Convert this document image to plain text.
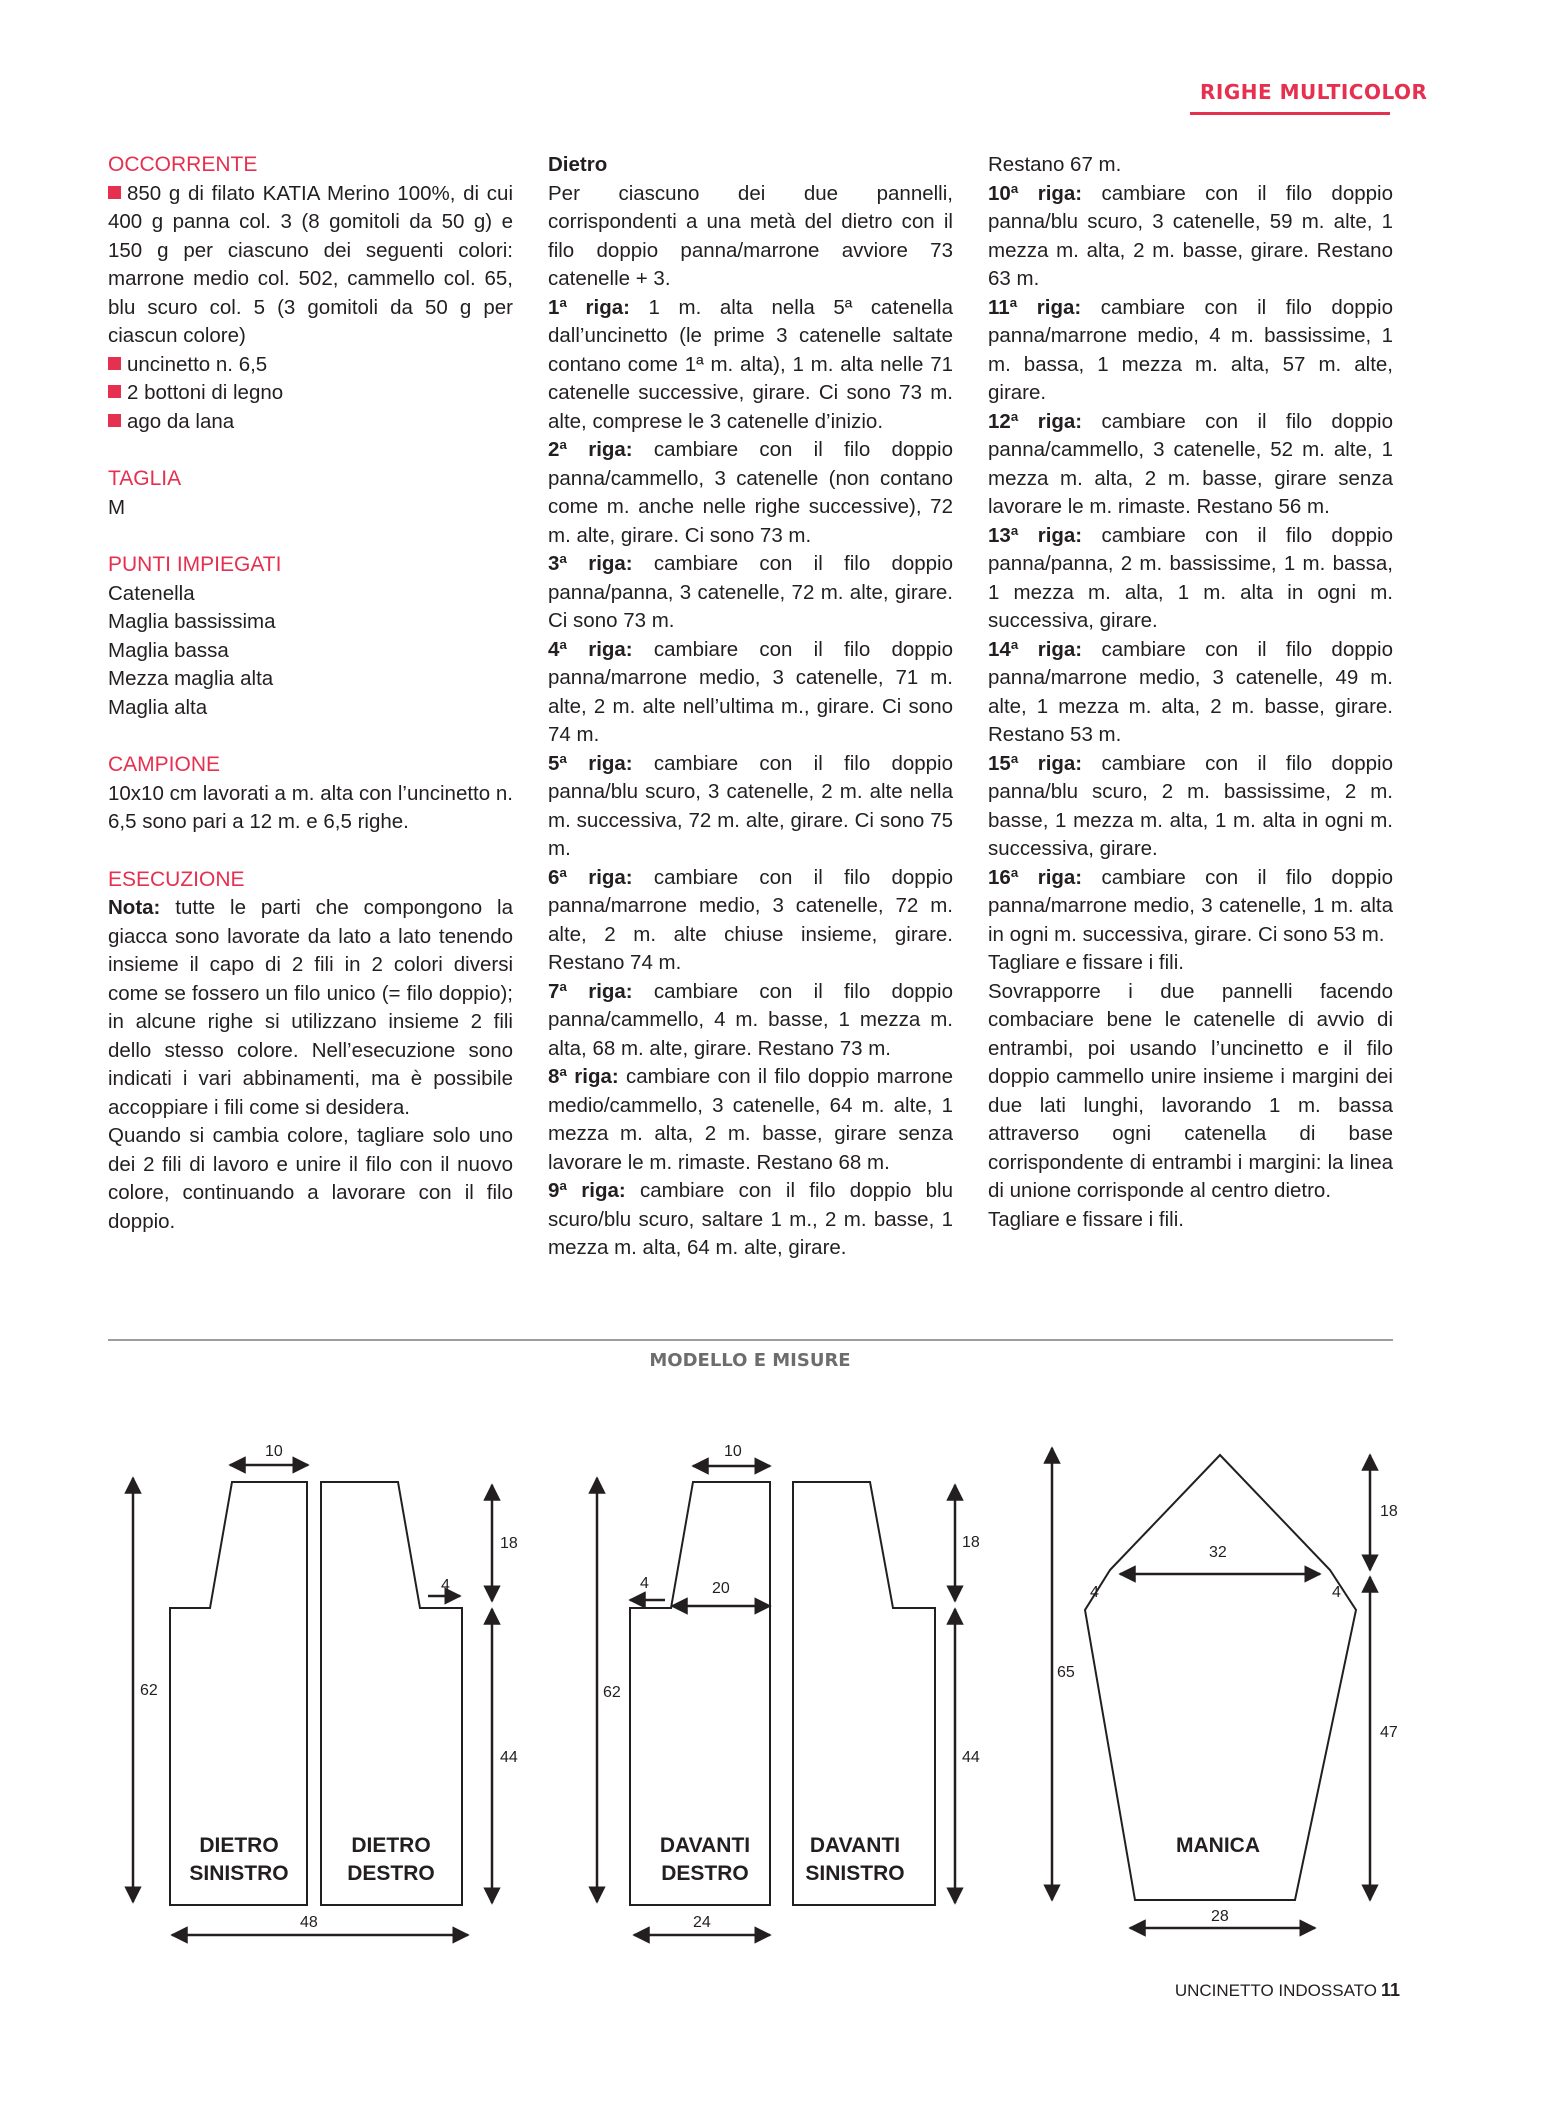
RIGHE MULTICOLOR

OCCORRENTE

850 g di filato KATIA Merino 100%, di cui 400 g panna col. 3 (8 gomitoli da 50 g) e 150 g per ciascuno dei seguenti colori: marrone medio col. 502, cammello col. 65, blu scuro col. 5 (3 gomitoli da 50 g per ciascun colore)

uncinetto n. 6,5

2 bottoni di legno

ago da lana

TAGLIA

M

PUNTI IMPIEGATI

Catenella

Maglia bassissima

Maglia bassa

Mezza maglia alta

Maglia alta

CAMPIONE

10x10 cm lavorati a m. alta con l’uncinetto n. 6,5 sono pari a 12 m. e 6,5 righe.

ESECUZIONE

Nota: tutte le parti che compongono la giacca sono lavorate da lato a lato tenendo insieme il capo di 2 fili in 2 colori diversi come se fossero un filo unico (= filo doppio); in alcune righe si utilizzano insieme 2 fili dello stesso colore. Nell’esecuzione sono indicati i vari abbinamenti, ma è possibile accoppiare i fili come si desidera.

Quando si cambia colore, tagliare solo uno dei 2 fili di lavoro e unire il filo con il nuovo colore, continuando a lavorare con il filo doppio.

Dietro

Per ciascuno dei due pannelli, corrispondenti a una metà del dietro con il filo doppio panna/marrone avviore 73 catenelle + 3.

1ª riga: 1 m. alta nella 5ª catenella dall’uncinetto (le prime 3 catenelle saltate contano come 1ª m. alta), 1 m. alta nelle 71 catenelle successive, girare. Ci sono 73 m. alte, comprese le 3 catenelle d’inizio.

2ª riga: cambiare con il filo doppio panna/cammello, 3 catenelle (non contano come m. anche nelle righe successive), 72 m. alte, girare. Ci sono 73 m.

3ª riga: cambiare con il filo doppio panna/panna, 3 catenelle, 72 m. alte, girare. Ci sono 73 m.

4ª riga: cambiare con il filo doppio panna/marrone medio, 3 catenelle, 71 m. alte, 2 m. alte nell’ultima m., girare. Ci sono 74 m.

5ª riga: cambiare con il filo doppio panna/blu scuro, 3 catenelle, 2 m. alte nella m. successiva, 72 m. alte, girare. Ci sono 75 m.

6ª riga: cambiare con il filo doppio panna/marrone medio, 3 catenelle, 72 m. alte, 2 m. alte chiuse insieme, girare. Restano 74 m.

7ª riga: cambiare con il filo doppio panna/cammello, 4 m. basse, 1 mezza m. alta, 68 m. alte, girare. Restano 73 m.

8ª riga: cambiare con il filo doppio marrone medio/cammello, 3 catenelle, 64 m. alte, 1 mezza m. alta, 2 m. basse, girare senza lavorare le m. rimaste. Restano 68 m.

9ª riga: cambiare con il filo doppio blu scuro/blu scuro, saltare 1 m., 2 m. basse, 1 mezza m. alta, 64 m. alte, girare.

Restano 67 m.

10ª riga: cambiare con il filo doppio panna/blu scuro, 3 catenelle, 59 m. alte, 1 mezza m. alta, 2 m. basse, girare. Restano 63 m.

11ª riga: cambiare con il filo doppio panna/marrone medio, 4 m. bassissime, 1 m. bassa, 1 mezza m. alta, 57 m. alte, girare.

12ª riga: cambiare con il filo doppio panna/cammello, 3 catenelle, 52 m. alte, 1 mezza m. alta, 2 m. basse, girare senza lavorare le m. rimaste. Restano 56 m.

13ª riga: cambiare con il filo doppio panna/panna, 2 m. bassissime, 1 m. bassa, 1 mezza m. alta, 1 m. alta in ogni m. successiva, girare.

14ª riga: cambiare con il filo doppio panna/marrone medio, 3 catenelle, 49 m. alte, 1 mezza m. alta, 2 m. basse, girare. Restano 53 m.

15ª riga: cambiare con il filo doppio panna/blu scuro, 2 m. bassissime, 2 m. basse, 1 mezza m. alta, 1 m. alta in ogni m. successiva, girare.

16ª riga: cambiare con il filo doppio panna/marrone medio, 3 catenelle, 1 m. alta in ogni m. successiva, girare. Ci sono 53 m.

Tagliare e fissare i fili.

Sovrapporre i due pannelli facendo combaciare bene le catenelle di avvio di entrambi, poi usando l’uncinetto e il filo doppio cammello unire insieme i margini dei due lati lunghi, lavorando 1 m. bassa attraverso ogni catenella di base corrispondente di entrambi i margini: la linea di unione corrisponde al centro dietro.

Tagliare e fissare i fili.

MODELLO E MISURE
10
62
18
44
4
48
10
62
18
44
4	20
24
18
32
4	4
65
47
28
DIETRO
SINISTRO
DIETRO
DESTRO
DAVANTI
DESTRO
DAVANTI
SINISTRO
MANICA
UNCINETTO INDOSSATO 11
